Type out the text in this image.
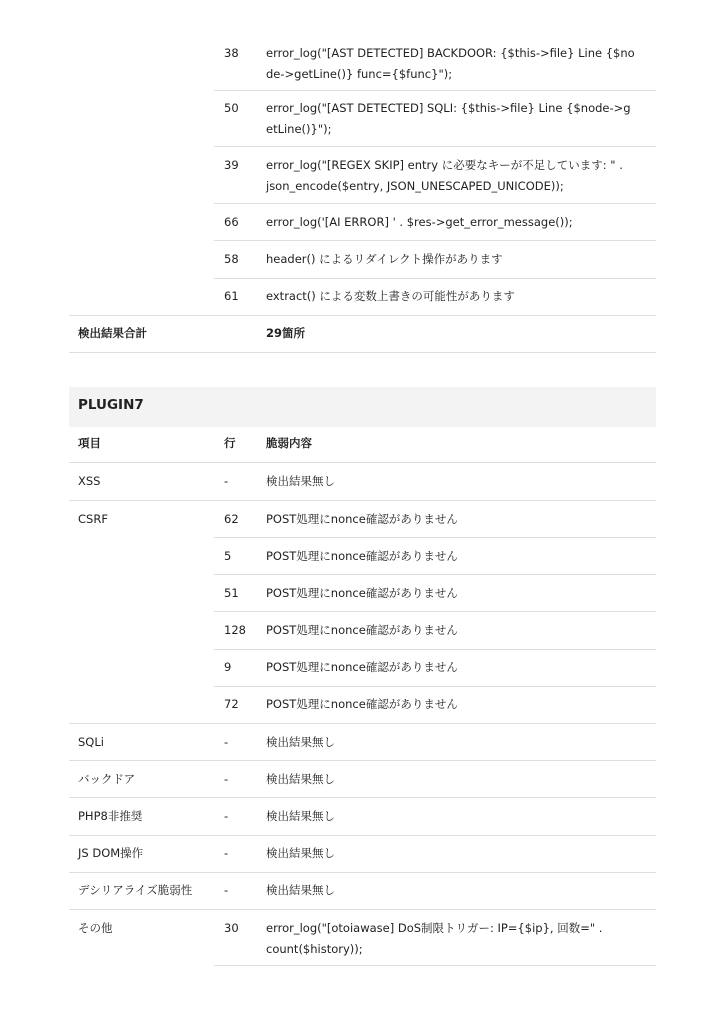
38 error_log("[AST DETECTED] BACKDOOR: {$this->file} Line {$node->getLine()} func={$func}");
50 error_log("[AST DETECTED] SQLI: {$this->file} Line {$node->getLine()}");
39 error_log("[REGEX SKIP] entry に必要なキーが不足しています: " . json_encode($entry, JSON_UNESCAPED_UNICODE));
66 error_log('[AI ERROR] ' . $res->get_error_message());
58 header() によるリダイレクト操作があります
61 extract() による変数上書きの可能性があります
検出結果合計	29箇所
PLUGIN7
項目	行	脆弱内容
XSS	-	検出結果無し
CSRF	62 POST処理にnonce確認がありません
5	POST処理にnonce確認がありません
51 POST処理にnonce確認がありません
128 POST処理にnonce確認がありません
9	POST処理にnonce確認がありません
72 POST処理にnonce確認がありません
SQLi	-	検出結果無し
バックドア	-	検出結果無し
PHP8非推奨	-	検出結果無し
JS DOM操作	-	検出結果無し
デシリアライズ脆弱性	-	検出結果無し
その他	30 error_log("[otoiawase] DoS制限トリガー: IP={$ip}, 回数=" . count($history));
